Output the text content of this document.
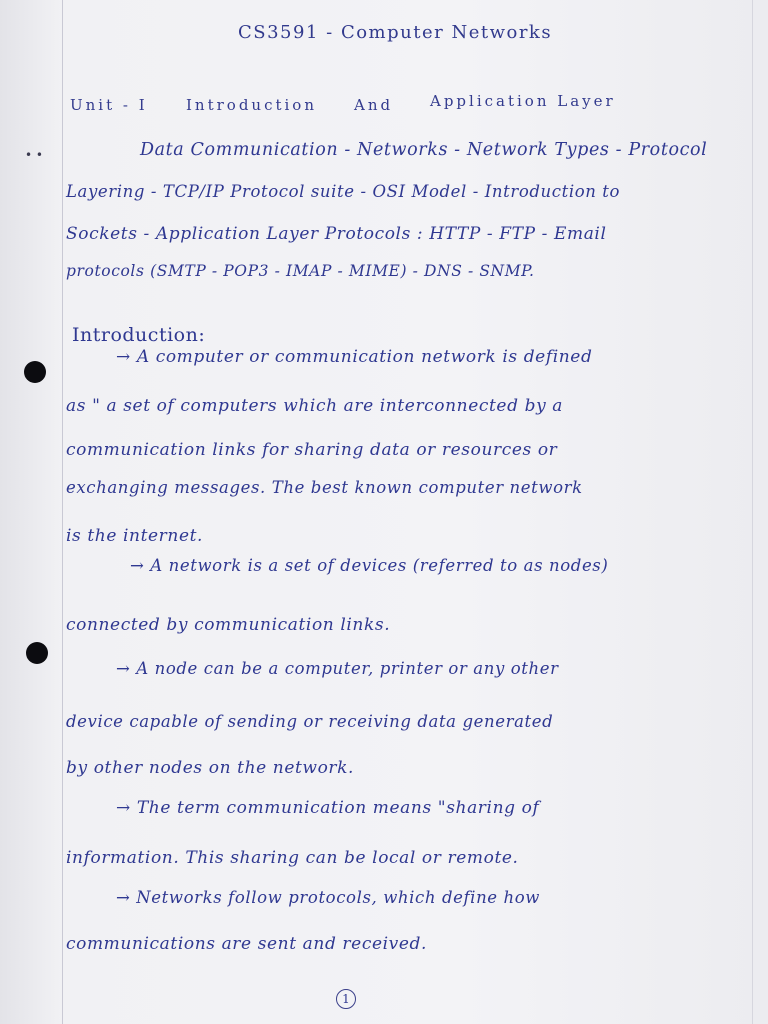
• •

CS3591 - Computer Networks

Unit - I	Introduction And Application Layer

Data Communication - Networks - Network Types - Protocol

Layering - TCP/IP Protocol suite - OSI Model - Introduction to

Sockets - Application Layer Protocols : HTTP - FTP - Email

protocols (SMTP - POP3 - IMAP - MIME) - DNS - SNMP.

Introduction:

→ A computer or communication network is defined

as " a set of computers which are interconnected by a

communication links for sharing data or resources or

exchanging messages. The best known computer network

is the internet.

→ A network is a set of devices (referred to as nodes)

connected by communication links.

→ A node can be a computer, printer or any other

device capable of sending or receiving data generated

by other nodes on the network.

→ The term communication means "sharing of

information. This sharing can be local or remote.

→ Networks follow protocols, which define how

communications are sent and received.

1
